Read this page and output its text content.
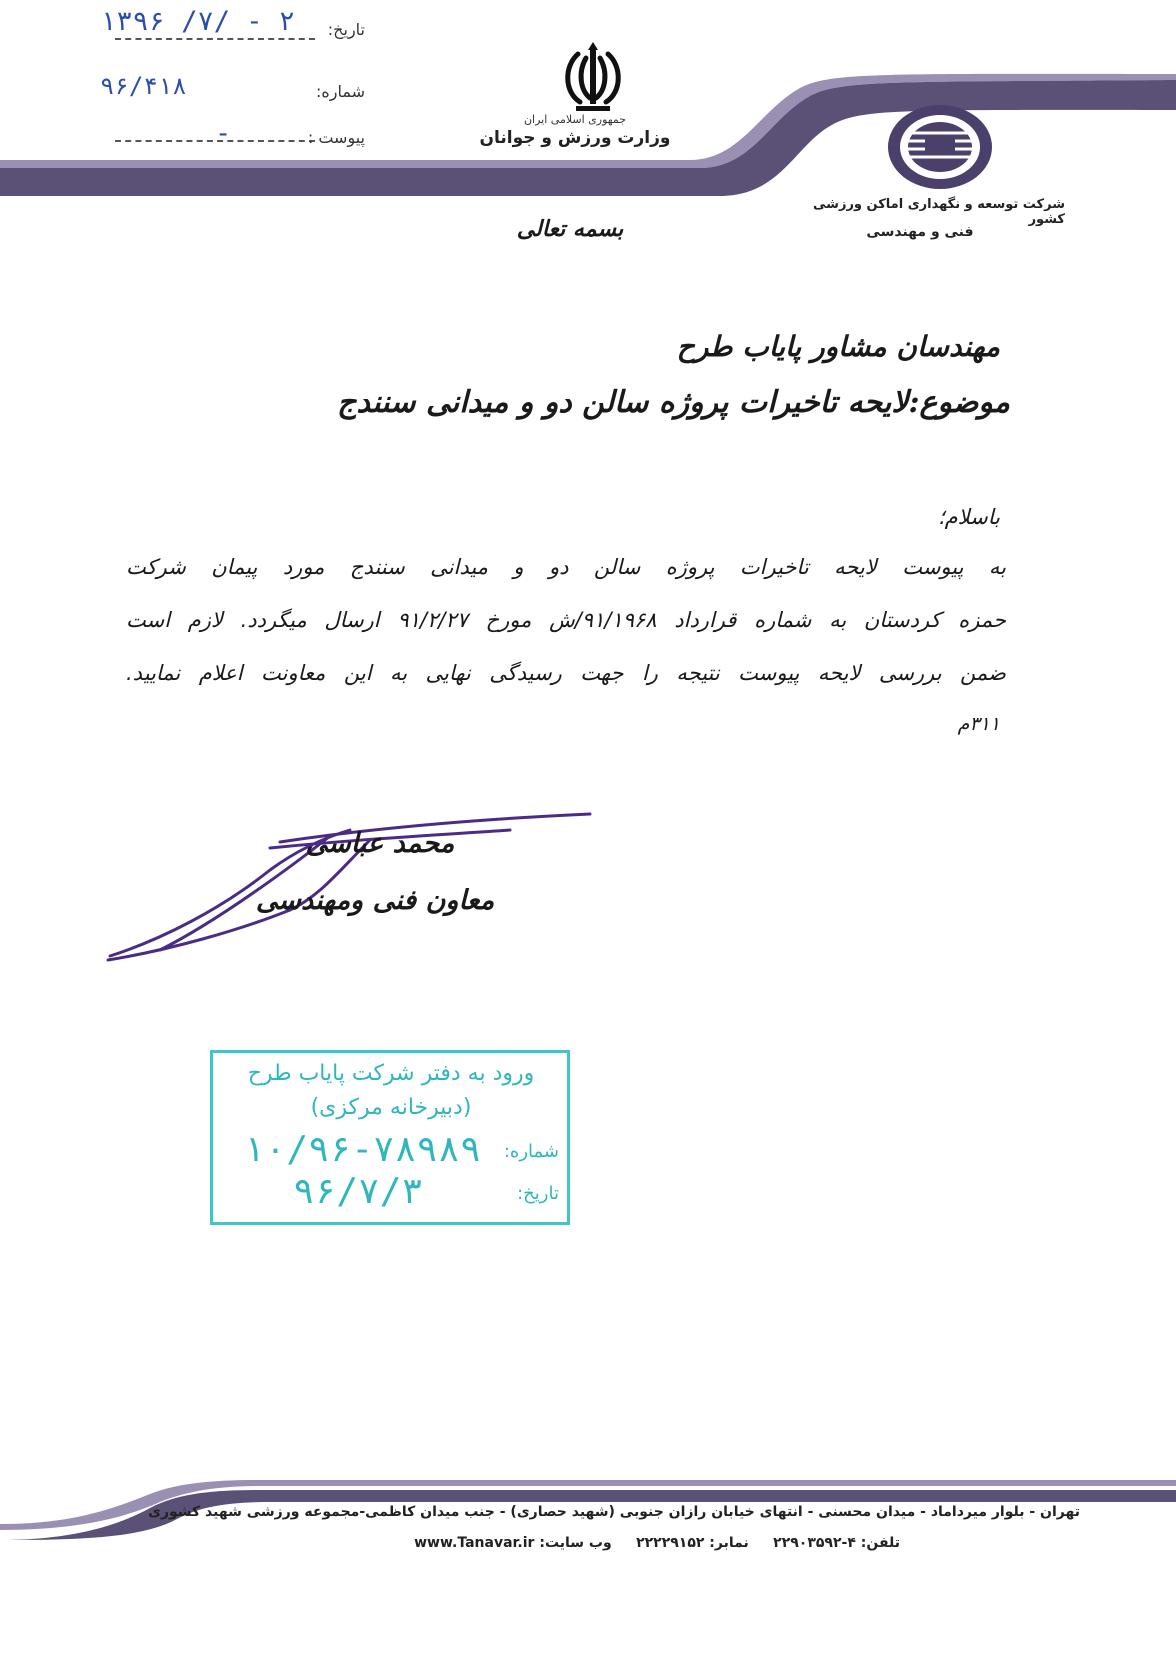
۱۳۹۶ /۷/ - ۲ تاریخ:
۹۶/۴۱۸	شماره:
-	پیوست :
جمهوری اسلامی ایران
وزارت ورزش و جوانان
شرکت توسعه و نگهداری اماکن ورزشی کشور
فنی و مهندسی
بسمه تعالی
مهندسان مشاور پایاب طرح
موضوع:لایحه تاخیرات پروژه سالن دو و میدانی سنندج
باسلام؛
به پیوست لایحه تاخیرات پروژه سالن دو و میدانی سنندج مورد پیمان شرکت
حمزه کردستان به شماره قرارداد ۹۱/۱۹۶۸/ش مورخ ۹۱/۲/۲۷ ارسال میگردد. لازم است
ضمن بررسی لایحه پیوست نتیجه را جهت رسیدگی نهایی به این معاونت اعلام نمایید.
۳۱۱م
محمد عباسی
معاون فنی ومهندسی
ورود به دفتر شرکت پایاب طرح
(دبیرخانه مرکزی)
شماره:
۱۰/۹۶-۷۸۹۸۹
تاریخ:
۹۶/۷/۳
تهران - بلوار میرداماد - میدان محسنی - انتهای خیابان رازان جنوبی (شهید حصاری) - جنب میدان کاظمی-مجموعه ورزشی شهید کشوری
تلفن: ۴-۲۲۹۰۳۵۹۲     نمابر: ۲۲۲۲۹۱۵۲     وب سایت: www.Tanavar.ir
